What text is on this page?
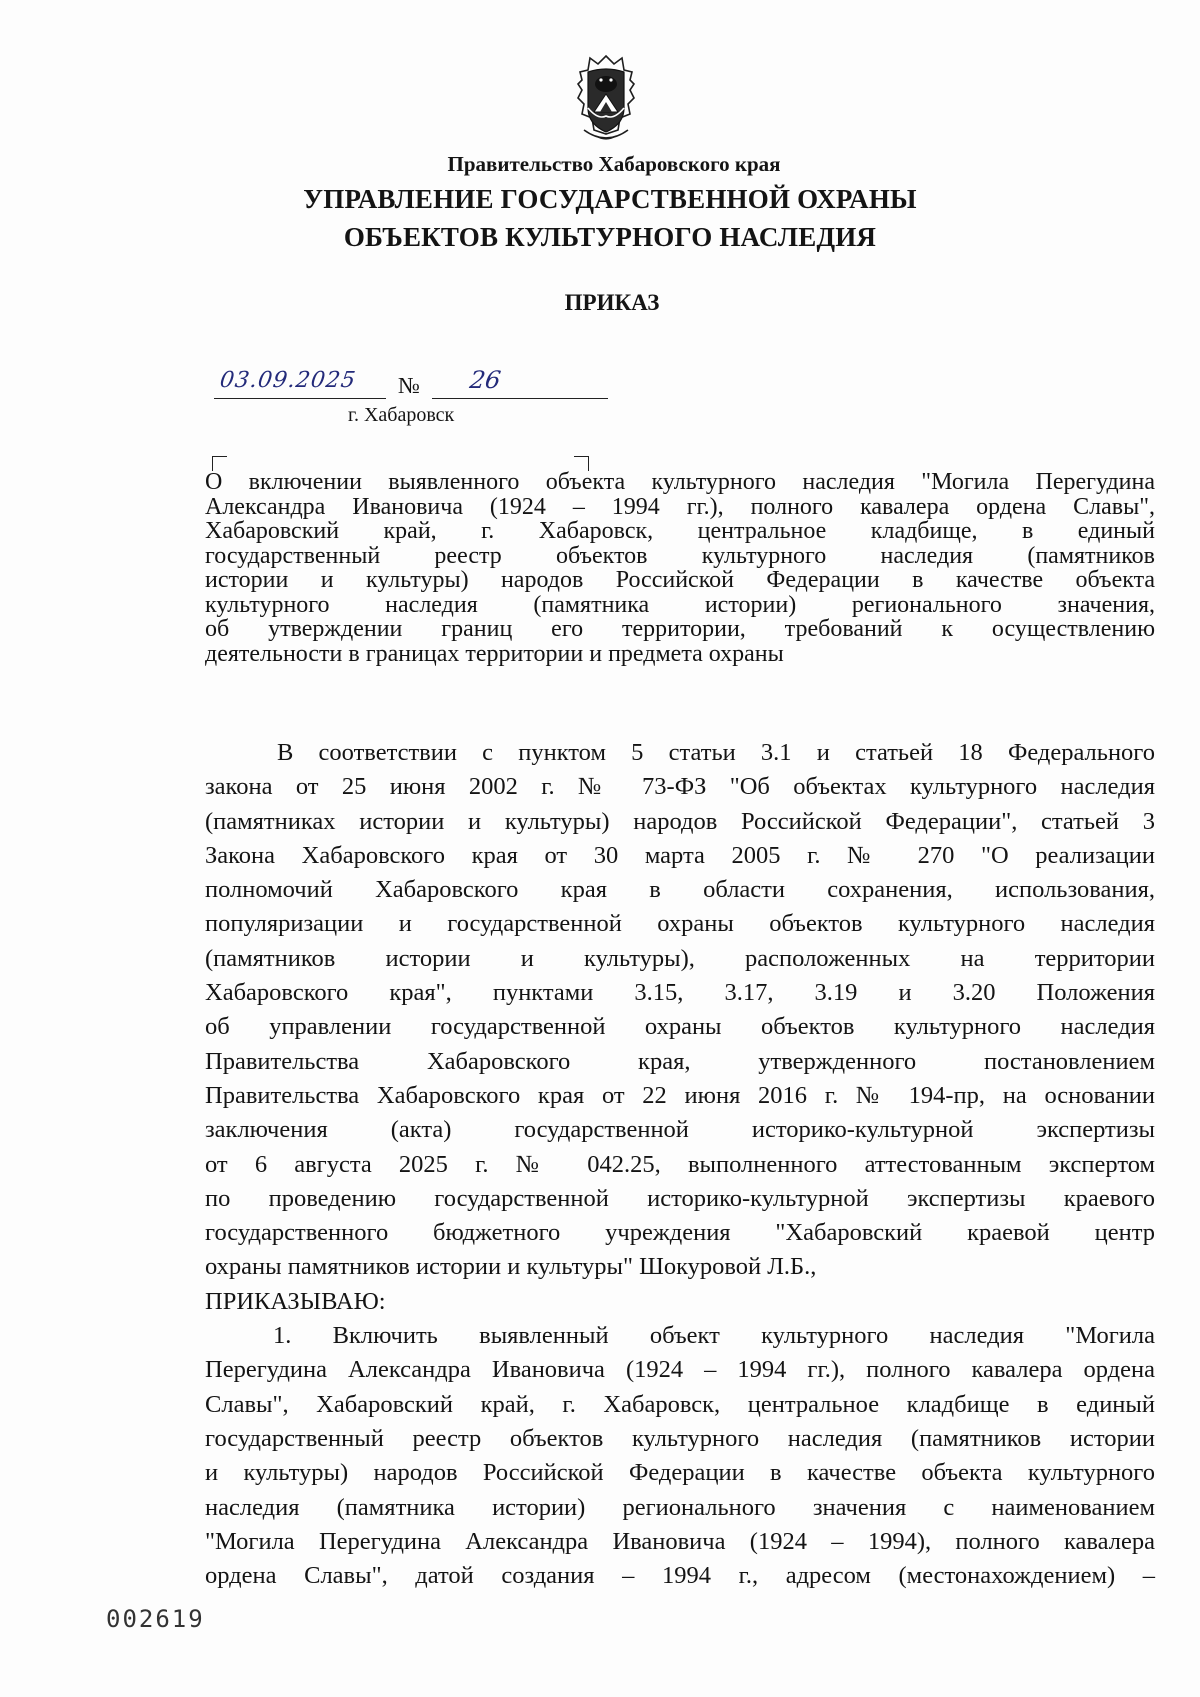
Правительство Хабаровского края
УПРАВЛЕНИЕ ГОСУДАРСТВЕННОЙ ОХРАНЫ
ОБЪЕКТОВ КУЛЬТУРНОГО НАСЛЕДИЯ
ПРИКАЗ
03.09.2025 № 26
г. Хабаровск
О включении выявленного объекта культурного наследия "Могила Перегудина
Александра Ивановича (1924 – 1994 гг.), полного кавалера ордена Славы",
Хабаровский край, г. Хабаровск, центральное кладбище, в единый
государственный реестр объектов культурного наследия (памятников
истории и культуры) народов Российской Федерации в качестве объекта
культурного наследия (памятника истории) регионального значения,
об утверждении границ его территории, требований к осуществлению
деятельности в границах территории и предмета охраны
В соответствии с пунктом 5 статьи 3.1 и статьей 18 Федерального
закона от 25 июня 2002 г. № 73-ФЗ "Об объектах культурного наследия
(памятниках истории и культуры) народов Российской Федерации", статьей 3
Закона Хабаровского края от 30 марта 2005 г. № 270 "О реализации
полномочий Хабаровского края в области сохранения, использования,
популяризации и государственной охраны объектов культурного наследия
(памятников истории и культуры), расположенных на территории
Хабаровского края", пунктами 3.15, 3.17, 3.19 и 3.20 Положения
об управлении государственной охраны объектов культурного наследия
Правительства Хабаровского края, утвержденного постановлением
Правительства Хабаровского края от 22 июня 2016 г. № 194-пр, на основании
заключения (акта) государственной историко-культурной экспертизы
от 6 августа 2025 г. № 042.25, выполненного аттестованным экспертом
по проведению государственной историко-культурной экспертизы краевого
государственного бюджетного учреждения "Хабаровский краевой центр
охраны памятников истории и культуры" Шокуровой Л.Б.,
ПРИКАЗЫВАЮ:
1. Включить выявленный объект культурного наследия "Могила
Перегудина Александра Ивановича (1924 – 1994 гг.), полного кавалера ордена
Славы", Хабаровский край, г. Хабаровск, центральное кладбище в единый
государственный реестр объектов культурного наследия (памятников истории
и культуры) народов Российской Федерации в качестве объекта культурного
наследия (памятника истории) регионального значения с наименованием
"Могила Перегудина Александра Ивановича (1924 – 1994), полного кавалера
ордена Славы", датой создания – 1994 г., адресом (местонахождением) –
002619
